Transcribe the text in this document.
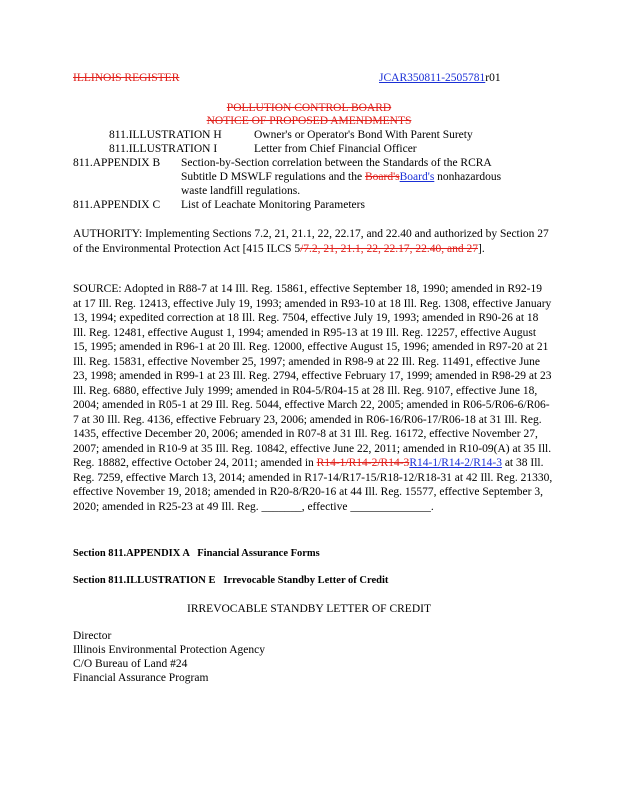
ILLINOIS REGISTER	JCAR350811-2505781r01
POLLUTION CONTROL BOARD
NOTICE OF PROPOSED AMENDMENTS
811.ILLUSTRATION H	Owner's or Operator's Bond With Parent Surety
811.ILLUSTRATION I	Letter from Chief Financial Officer
811.APPENDIX B Section-by-Section correlation between the Standards of the RCRA
Subtitle D MSWLF regulations and the Board'sBoard's nonhazardous
waste landfill regulations.
811.APPENDIX C List of Leachate Monitoring Parameters
AUTHORITY: Implementing Sections 7.2, 21, 21.1, 22, 22.17, and 22.40 and authorized by Section 27 of the Environmental Protection Act [415 ILCS 5/7.2, 21, 21.1, 22, 22.17, 22.40, and 27].
SOURCE: Adopted in R88-7 at 14 Ill. Reg. 15861, effective September 18, 1990; amended in R92-19 at 17 Ill. Reg. 12413, effective July 19, 1993; amended in R93-10 at 18 Ill. Reg. 1308, effective January 13, 1994; expedited correction at 18 Ill. Reg. 7504, effective July 19, 1993; amended in R90-26 at 18 Ill. Reg. 12481, effective August 1, 1994; amended in R95-13 at 19 Ill. Reg. 12257, effective August 15, 1995; amended in R96-1 at 20 Ill. Reg. 12000, effective August 15, 1996; amended in R97-20 at 21 Ill. Reg. 15831, effective November 25, 1997; amended in R98-9 at 22 Ill. Reg. 11491, effective June 23, 1998; amended in R99-1 at 23 Ill. Reg. 2794, effective February 17, 1999; amended in R98-29 at 23 Ill. Reg. 6880, effective July 1999; amended in R04-5/R04-15 at 28 Ill. Reg. 9107, effective June 18, 2004; amended in R05-1 at 29 Ill. Reg. 5044, effective March 22, 2005; amended in R06-5/R06-6/R06-7 at 30 Ill. Reg. 4136, effective February 23, 2006; amended in R06-16/R06-17/R06-18 at 31 Ill. Reg. 1435, effective December 20, 2006; amended in R07-8 at 31 Ill. Reg. 16172, effective November 27, 2007; amended in R10-9 at 35 Ill. Reg. 10842, effective June 22, 2011; amended in R10-09(A) at 35 Ill. Reg. 18882, effective October 24, 2011; amended in R14-1/R14-2/R14-3R14-1/R14-2/R14-3 at 38 Ill. Reg. 7259, effective March 13, 2014; amended in R17-14/R17-15/R18-12/R18-31 at 42 Ill. Reg. 21330, effective November 19, 2018; amended in R20-8/R20-16 at 44 Ill. Reg. 15577, effective September 3, 2020; amended in R25-23 at 49 Ill. Reg. _______, effective ______________.
Section 811.APPENDIX A   Financial Assurance Forms
Section 811.ILLUSTRATION E   Irrevocable Standby Letter of Credit
IRREVOCABLE STANDBY LETTER OF CREDIT
Director
Illinois Environmental Protection Agency
C/O Bureau of Land #24
Financial Assurance Program
